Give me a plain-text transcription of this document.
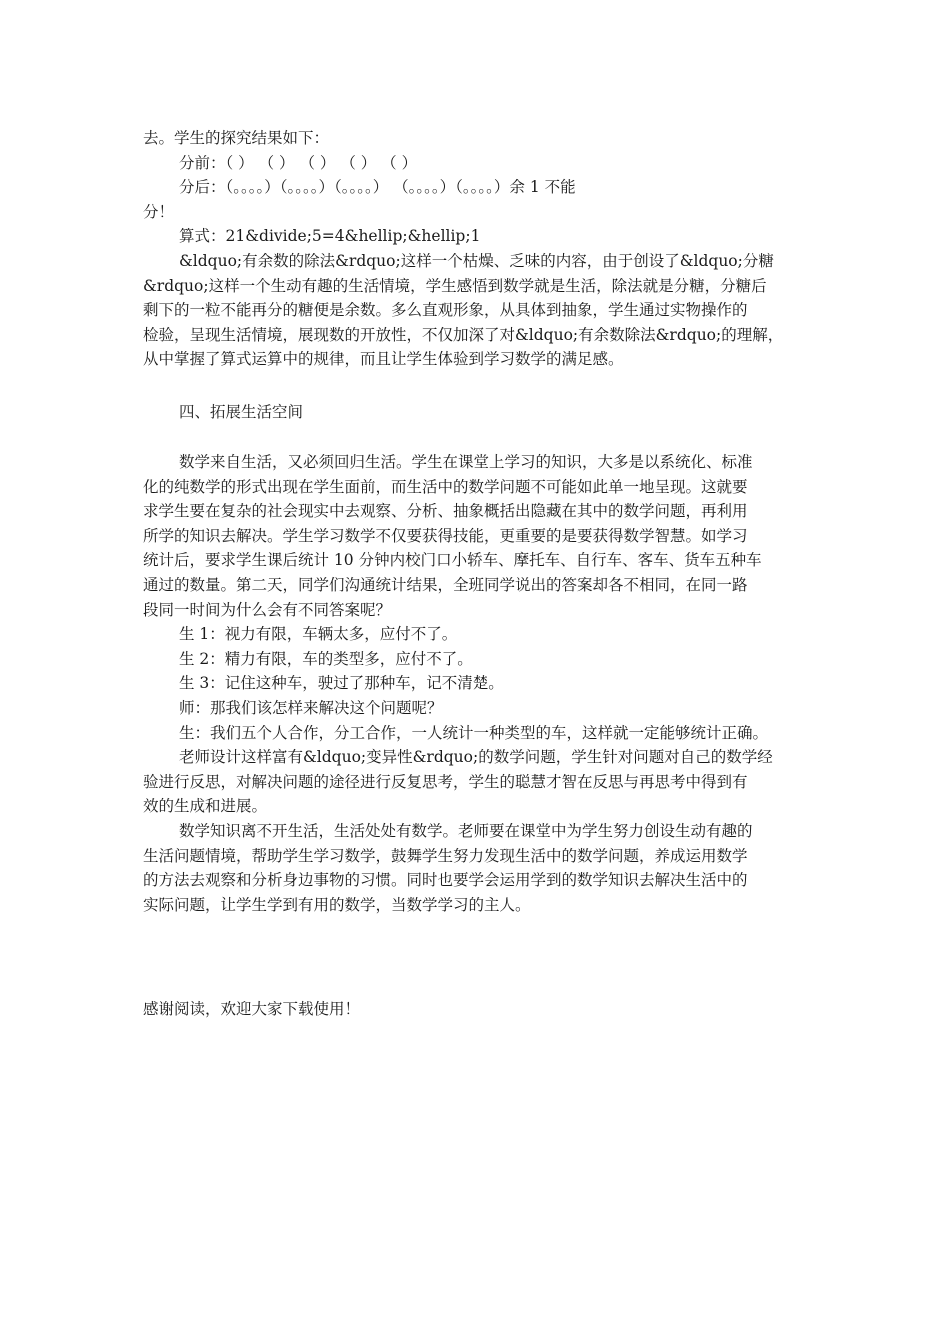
去。学生的探究结果如下：
分前：（ ） （ ） （ ） （ ） （ ）
分后：（。。。。）（。。。。）（。。。。） （。。。。）（。。。。）余 1 不能
分！
算式：21&divide;5=4&hellip;&hellip;1
&ldquo;有余数的除法&rdquo;这样一个枯燥、乏味的内容，由于创设了&ldquo;分糖
&rdquo;这样一个生动有趣的生活情境，学生感悟到数学就是生活，除法就是分糖，分糖后
剩下的一粒不能再分的糖便是余数。多么直观形象，从具体到抽象，学生通过实物操作的
检验，呈现生活情境，展现数的开放性，不仅加深了对&ldquo;有余数除法&rdquo;的理解，
从中掌握了算式运算中的规律，而且让学生体验到学习数学的满足感。

四、拓展生活空间

数学来自生活，又必须回归生活。学生在课堂上学习的知识，大多是以系统化、标准
化的纯数学的形式出现在学生面前，而生活中的数学问题不可能如此单一地呈现。这就要
求学生要在复杂的社会现实中去观察、分析、抽象概括出隐藏在其中的数学问题，再利用
所学的知识去解决。学生学习数学不仅要获得技能，更重要的是要获得数学智慧。如学习
统计后，要求学生课后统计 10 分钟内校门口小轿车、摩托车、自行车、客车、货车五种车
通过的数量。第二天，同学们沟通统计结果，全班同学说出的答案却各不相同，在同一路
段同一时间为什么会有不同答案呢？
生 1：视力有限，车辆太多，应付不了。
生 2：精力有限，车的类型多，应付不了。
生 3：记住这种车，驶过了那种车，记不清楚。
师：那我们该怎样来解决这个问题呢？
生：我们五个人合作，分工合作，一人统计一种类型的车，这样就一定能够统计正确。
老师设计这样富有&ldquo;变异性&rdquo;的数学问题，学生针对问题对自己的数学经
验进行反思，对解决问题的途径进行反复思考，学生的聪慧才智在反思与再思考中得到有
效的生成和进展。
数学知识离不开生活，生活处处有数学。老师要在课堂中为学生努力创设生动有趣的
生活问题情境，帮助学生学习数学，鼓舞学生努力发现生活中的数学问题，养成运用数学
的方法去观察和分析身边事物的习惯。同时也要学会运用学到的数学知识去解决生活中的
实际问题，让学生学到有用的数学，当数学学习的主人。

感谢阅读，欢迎大家下载使用！
